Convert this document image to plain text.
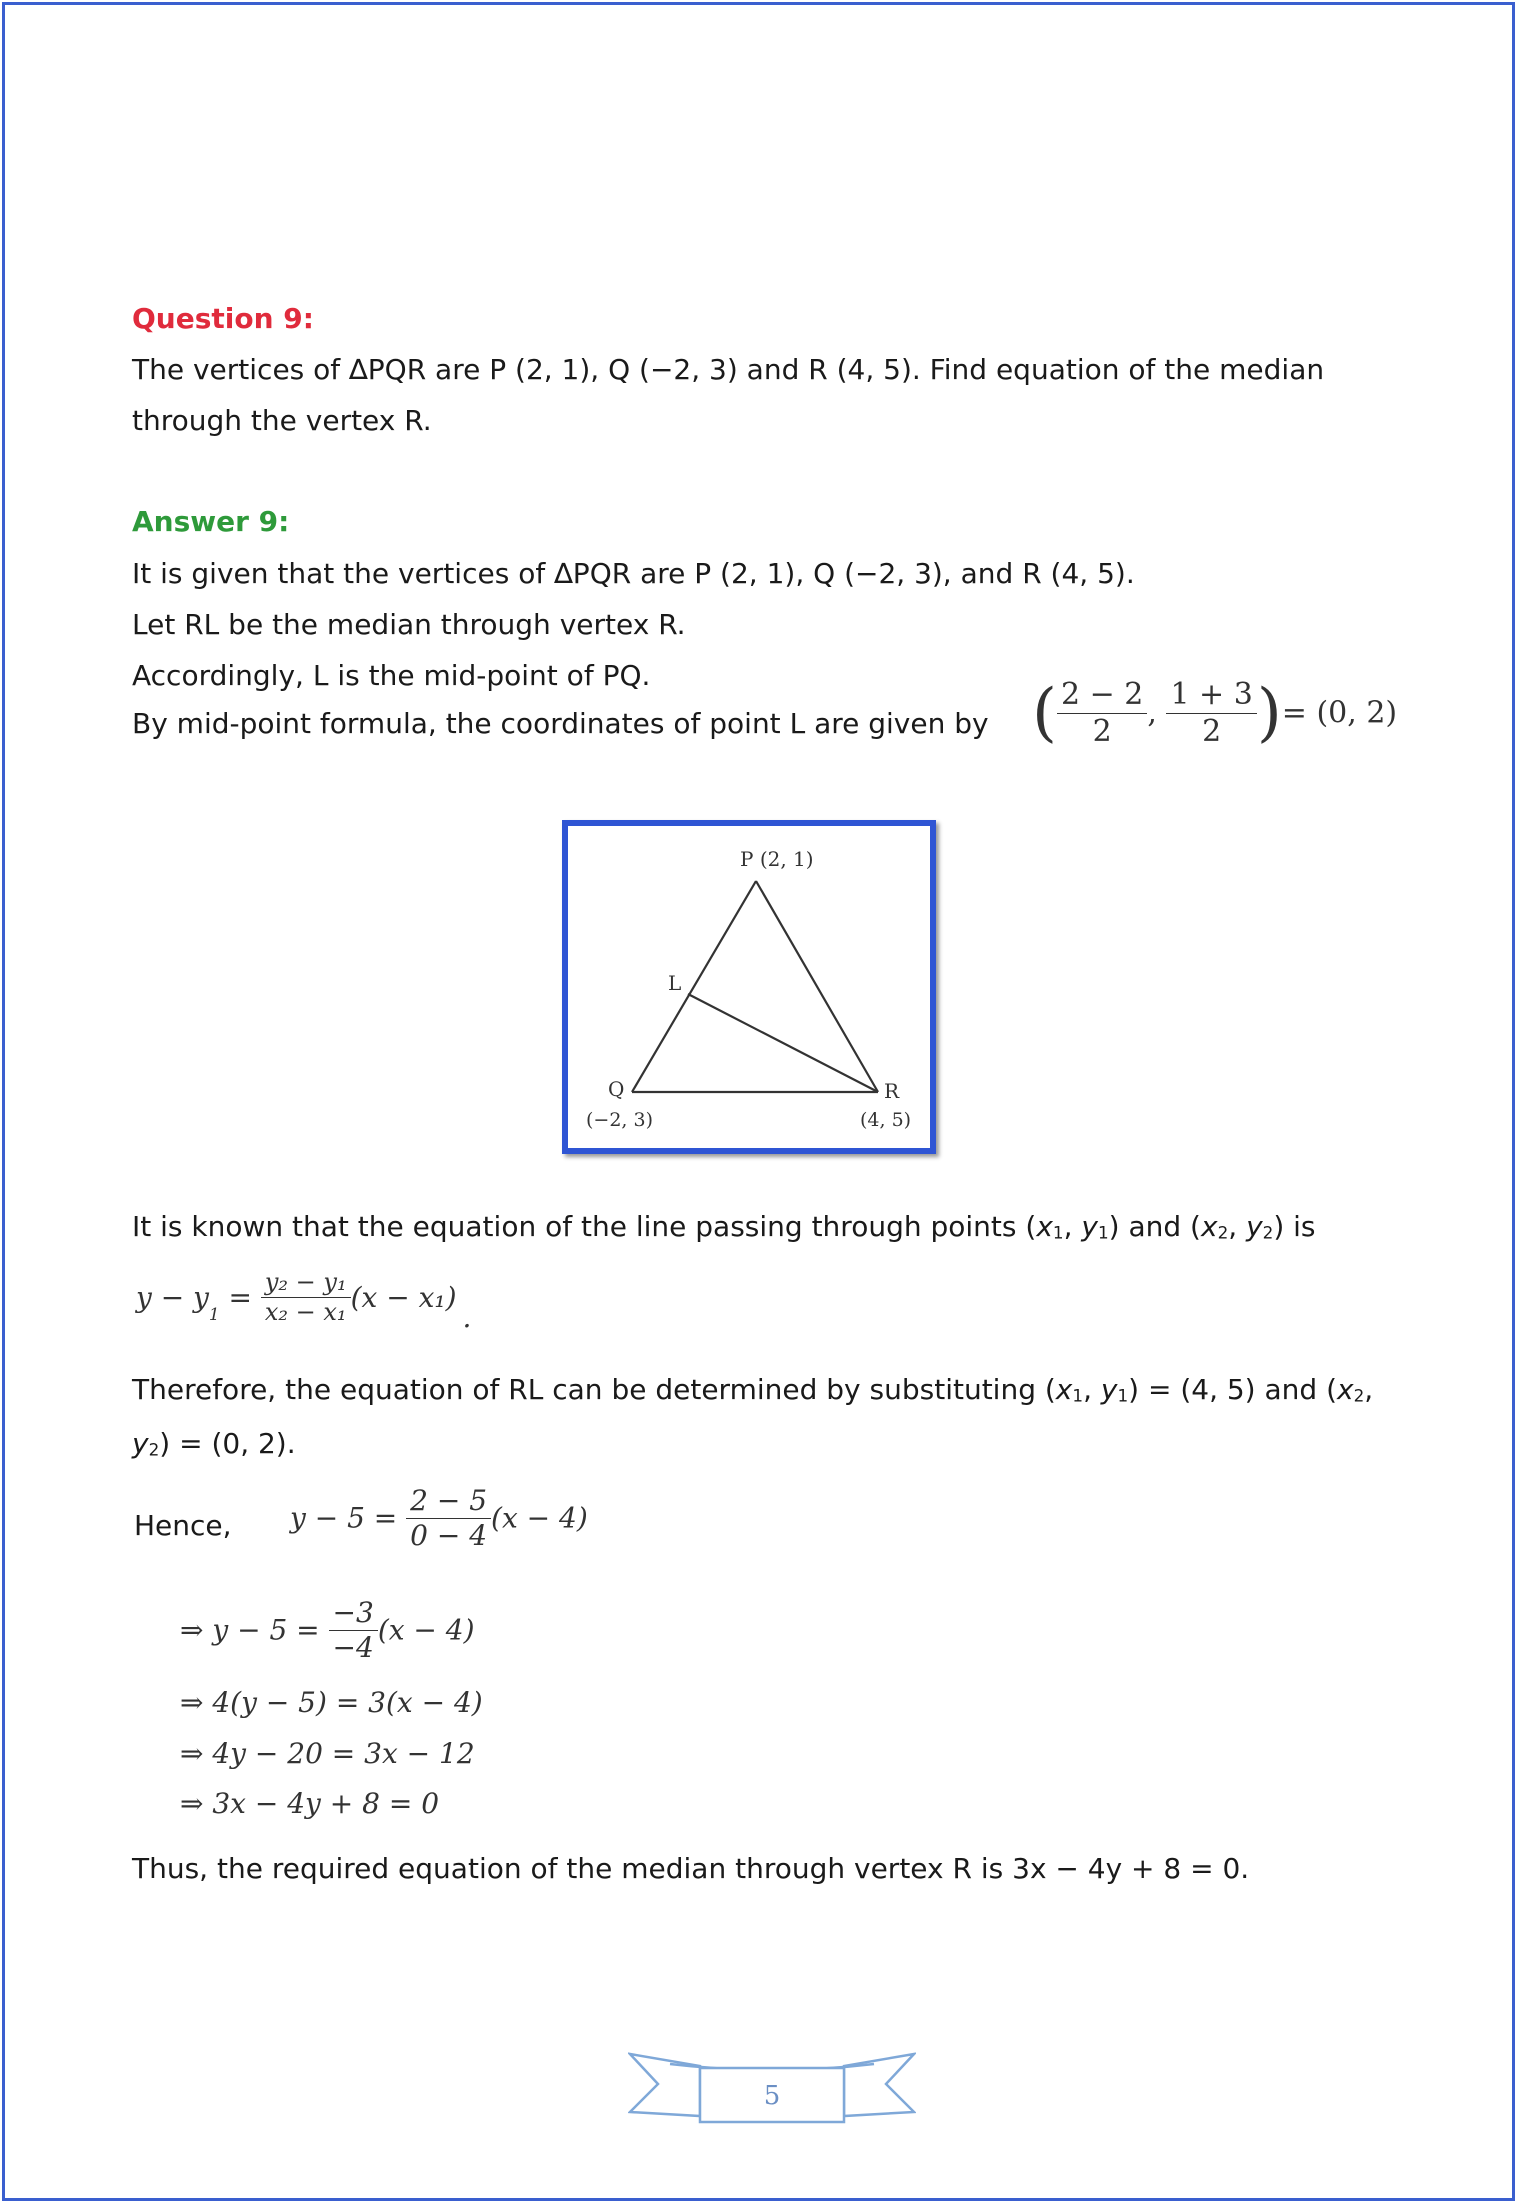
Question 9:
The vertices of ∆PQR are P (2, 1), Q (−2, 3) and R (4, 5). Find equation of the median
through the vertex R.
Answer 9:
It is given that the vertices of ∆PQR are P (2, 1), Q (−2, 3), and R (4, 5).
Let RL be the median through vertex R.
Accordingly, L is the mid-point of PQ.
By mid-point formula, the coordinates of point L are given by ( $\frac{2 - 2}{2}$ , $\frac{1 + 3}{2}$ )= (0, 2)
P (2, 1)
L
Q
(−2, 3)
R
(4, 5)
It is known that the equation of the line passing through points ($x_1$, $y_1$) and ($x_2$, $y_2$) is
$y - y_1 = \frac{\text{y₂ − y₁}}{\text{x₂ − x₁}} (x - x_1)$.
Therefore, the equation of RL can be determined by substituting ($x_1$, $y_1) = (4$, 5) and ($x_2$,
$y_2) = (0$, 2).
Hence, $y - 5 = \frac{2 - 5}{0 - 4} (x - 4)$
⇒ $y - 5 = \frac{-3}{-4} (x - 4)$
⇒ 4(y − 5) = 3(x − 4)
⇒ 4y − 20 = 3x − 12
⇒ 3x − 4y + 8 = 0
Thus, the required equation of the median through vertex R is 3x − 4y + 8 = 0.
5
